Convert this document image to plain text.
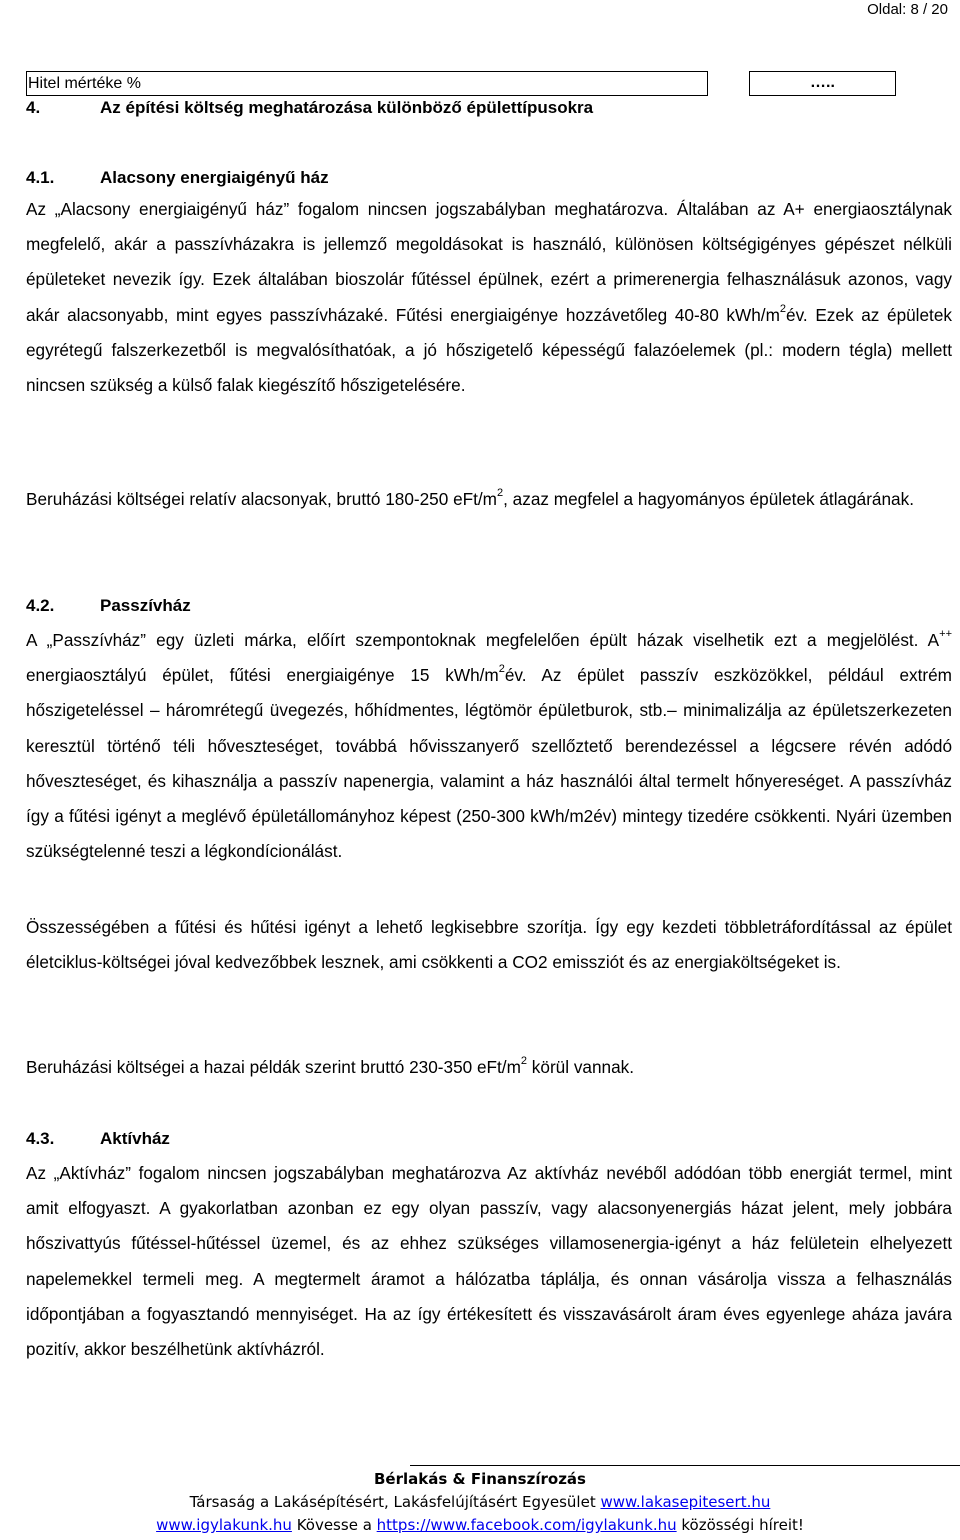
Oldal: 8 / 20
Hitel mértéke %	…..
4.	Az építési költség meghatározása különböző épülettípusokra
4.1.	Alacsony energiaigényű ház

Az „Alacsony energiaigényű ház” fogalom nincsen jogszabályban meghatározva. Általában az A+ energiaosztálynak megfelelő, akár a passzívházakra is jellemző megoldásokat is használó, különösen költségigényes gépészet nélküli épületeket nevezik így. Ezek általában bioszolár fűtéssel épülnek, ezért a primerenergia felhasználásuk azonos, vagy akár alacsonyabb, mint egyes passzívházaké. Fűtési energiaigénye hozzávetőleg 40-80 kWh/$m^2év$. Ezek az épületek egyrétegű falszerkezetből is megvalósíthatóak, a jó hőszigetelő képességű falazóelemek (pl.: modern tégla) mellett nincsen szükség a külső falak kiegészítő hőszigetelésére.

Beruházási költségei relatív alacsonyak, bruttó 180-250 eFt/$m^2$, azaz megfelel a hagyományos épületek átlagárának.

4.2.	Passzívház

A „Passzívház” egy üzleti márka, előírt szempontoknak megfelelően épült házak viselhetik ezt a megjelölést. A++ energiaosztályú épület, fűtési energiaigénye 15 kWh/$m^2év$. Az épület passzív eszközökkel, például extrém hőszigeteléssel – háromrétegű üvegezés, hőhídmentes, légtömör épületburok, stb.– minimalizálja az épületszerkezeten keresztül történő téli hőveszteséget, továbbá hővisszanyerő szellőztető berendezéssel a légcsere révén adódó hőveszteséget, és kihasználja a passzív napenergia, valamint a ház használói által termelt hőnyereséget. A passzívház így a fűtési igényt a meglévő épületállományhoz képest (250-300 kWh/m2év) mintegy tizedére csökkenti. Nyári üzemben szükségtelenné teszi a légkondícionálást.

Összességében a fűtési és hűtési igényt a lehető legkisebbre szorítja. Így egy kezdeti többletráfordítással az épület életciklus-költségei jóval kedvezőbbek lesznek, ami csökkenti a CO2 emissziót és az energiaköltségeket is.

Beruházási költségei a hazai példák szerint bruttó 230-350 eFt/$m^2$ körül vannak.

4.3.	Aktívház

Az „Aktívház” fogalom nincsen jogszabályban meghatározva Az aktívház nevéből adódóan több energiát termel, mint amit elfogyaszt. A gyakorlatban azonban ez egy olyan passzív, vagy alacsonyenergiás házat jelent, mely jobbára hőszivattyús fűtéssel-hűtéssel üzemel, és az ehhez szükséges villamosenergia-igényt a ház felületein elhelyezett napelemekkel termeli meg. A megtermelt áramot a hálózatba táplálja, és onnan vásárolja vissza a felhasználás időpontjában a fogyasztandó mennyiséget. Ha az így értékesített és visszavásárolt áram éves egyenlege aháza javára pozitív, akkor beszélhetünk aktívházról.

Bérlakás & Finanszírozás
Társaság a Lakásépítésért, Lakásfelújításért Egyesület www.lakasepitesert.hu
www.igylakunk.hu Kövesse a https://www.facebook.com/igylakunk.hu közösségi híreit!
